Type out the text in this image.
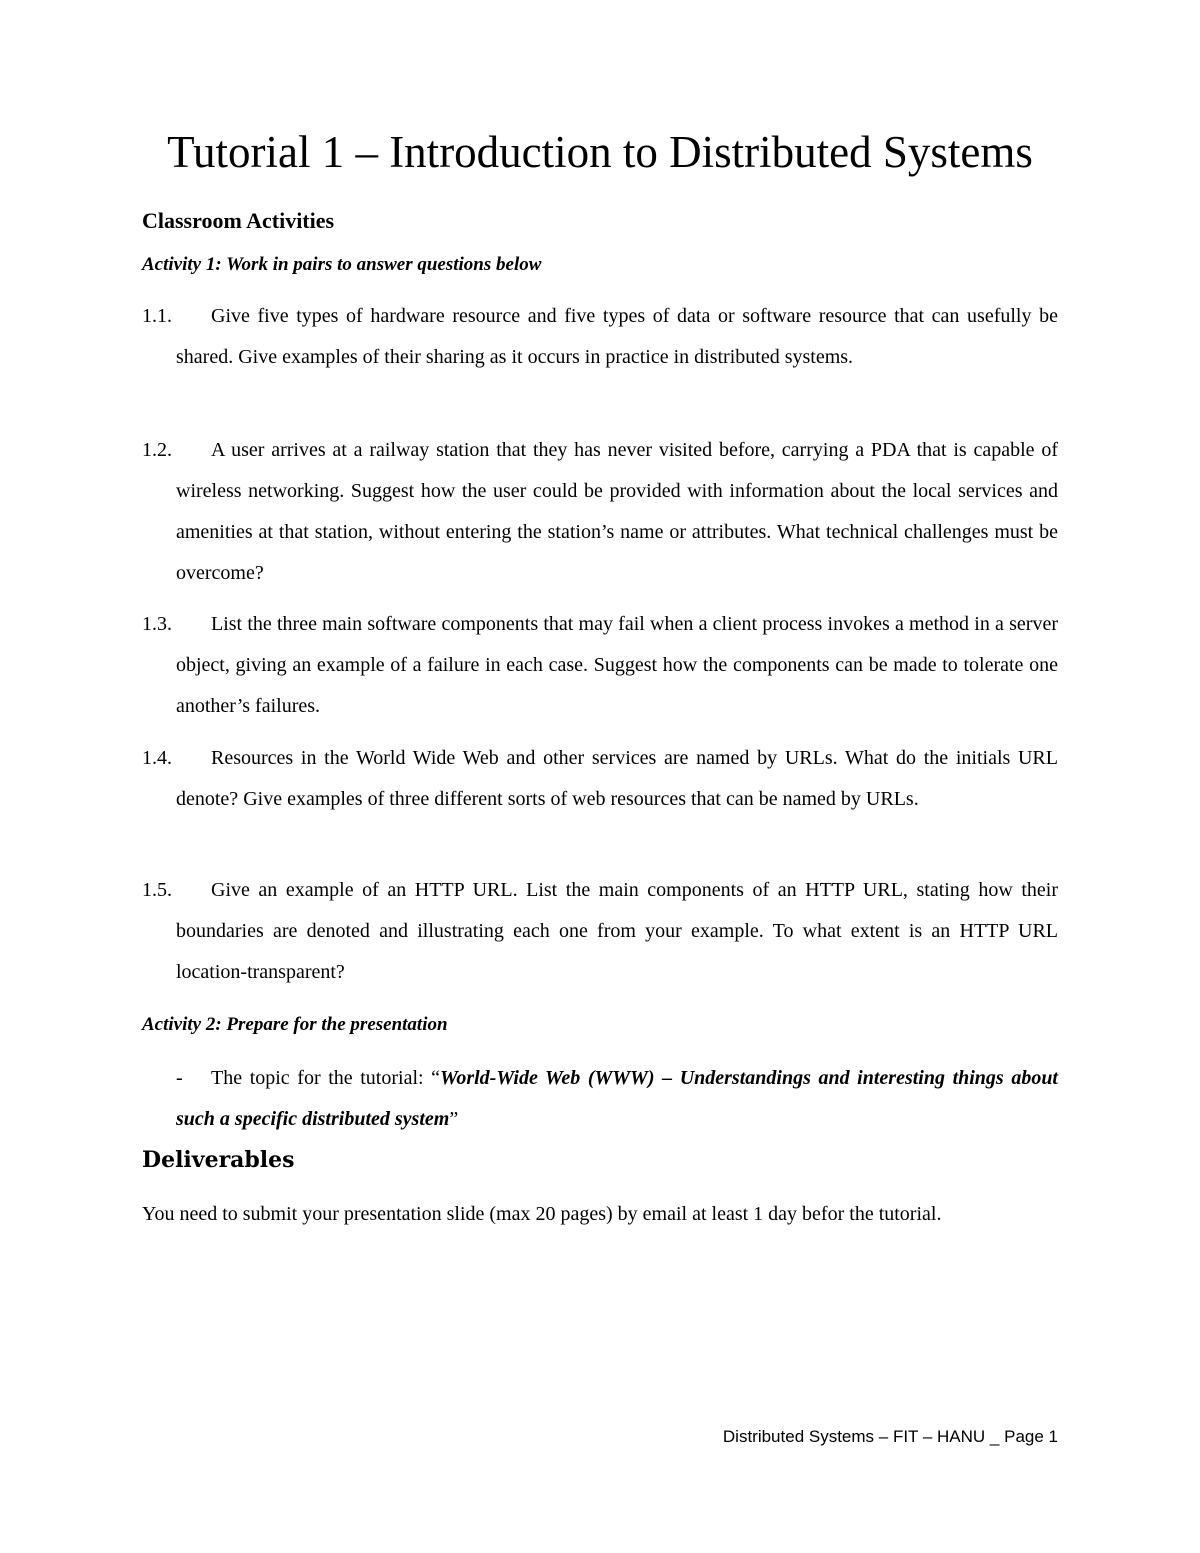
Tutorial 1 – Introduction to Distributed Systems
Classroom Activities
Activity 1: Work in pairs to answer questions below
1.1.	Give five types of hardware resource and five types of data or software resource that can usefully be shared. Give examples of their sharing as it occurs in practice in distributed systems.
1.2.	A user arrives at a railway station that they has never visited before, carrying a PDA that is capable of wireless networking. Suggest how the user could be provided with information about the local services and amenities at that station, without entering the station’s name or attributes. What technical challenges must be overcome?
1.3.	List the three main software components that may fail when a client process invokes a method in a server object, giving an example of a failure in each case. Suggest how the components can be made to tolerate one another’s failures.
1.4.	Resources in the World Wide Web and other services are named by URLs. What do the initials URL denote? Give examples of three different sorts of web resources that can be named by URLs.
1.5.	Give an example of an HTTP URL. List the main components of an HTTP URL, stating how their boundaries are denoted and illustrating each one from your example. To what extent is an HTTP URL location-transparent?
Activity 2: Prepare for the presentation
-	The topic for the tutorial: “World-Wide Web (WWW) – Understandings and interesting things about such a specific distributed system”
Deliverables

You need to submit your presentation slide (max 20 pages) by email at least 1 day befor the tutorial.

Distributed Systems – FIT – HANU _ Page 1
